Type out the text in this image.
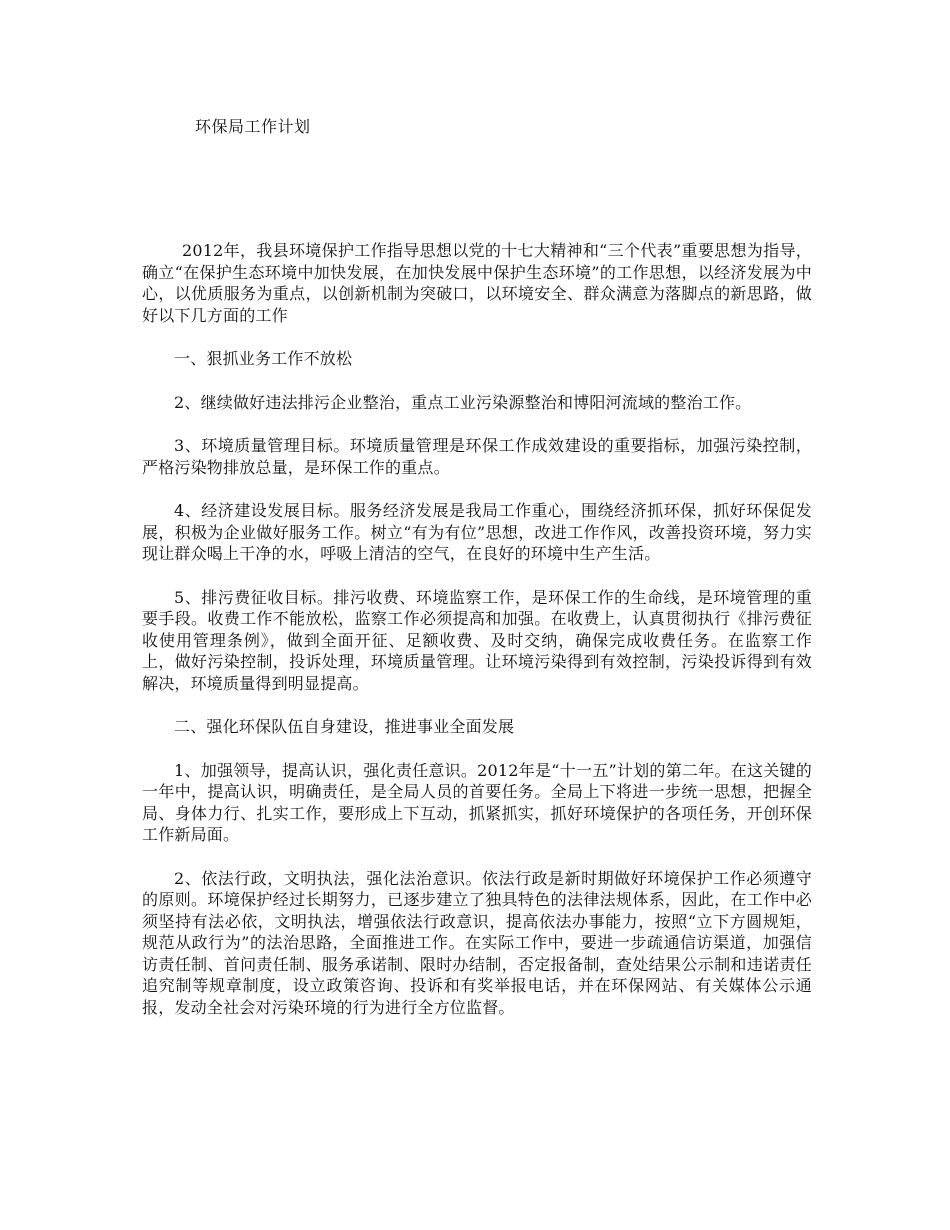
环保局工作计划

2012年，我县环境保护工作指导思想以党的十七大精神和“三个代表”重要思想为指导，确立“在保护生态环境中加快发展，在加快发展中保护生态环境”的工作思想，以经济发展为中心，以优质服务为重点，以创新机制为突破口，以环境安全、群众满意为落脚点的新思路，做好以下几方面的工作

一、狠抓业务工作不放松

2、继续做好违法排污企业整治，重点工业污染源整治和博阳河流域的整治工作。

3、环境质量管理目标。环境质量管理是环保工作成效建设的重要指标，加强污染控制，严格污染物排放总量，是环保工作的重点。

4、经济建设发展目标。服务经济发展是我局工作重心，围绕经济抓环保，抓好环保促发展，积极为企业做好服务工作。树立“有为有位”思想，改进工作作风，改善投资环境，努力实现让群众喝上干净的水，呼吸上清洁的空气，在良好的环境中生产生活。

5、排污费征收目标。排污收费、环境监察工作，是环保工作的生命线，是环境管理的重要手段。收费工作不能放松，监察工作必须提高和加强。在收费上，认真贯彻执行《排污费征收使用管理条例》，做到全面开征、足额收费、及时交纳，确保完成收费任务。在监察工作上，做好污染控制，投诉处理，环境质量管理。让环境污染得到有效控制，污染投诉得到有效解决，环境质量得到明显提高。

二、强化环保队伍自身建设，推进事业全面发展

1、加强领导，提高认识，强化责任意识。2012年是“十一五”计划的第二年。在这关键的一年中，提高认识，明确责任，是全局人员的首要任务。全局上下将进一步统一思想，把握全局、身体力行、扎实工作，要形成上下互动，抓紧抓实，抓好环境保护的各项任务，开创环保工作新局面。

2、依法行政，文明执法，强化法治意识。依法行政是新时期做好环境保护工作必须遵守的原则。环境保护经过长期努力，已逐步建立了独具特色的法律法规体系，因此，在工作中必须坚持有法必依，文明执法，增强依法行政意识，提高依法办事能力，按照“立下方圆规矩，规范从政行为”的法治思路，全面推进工作。在实际工作中，要进一步疏通信访渠道，加强信访责任制、首问责任制、服务承诺制、限时办结制，否定报备制，查处结果公示制和违诺责任追究制等规章制度，设立政策咨询、投诉和有奖举报电话，并在环保网站、有关媒体公示通报，发动全社会对污染环境的行为进行全方位监督。
